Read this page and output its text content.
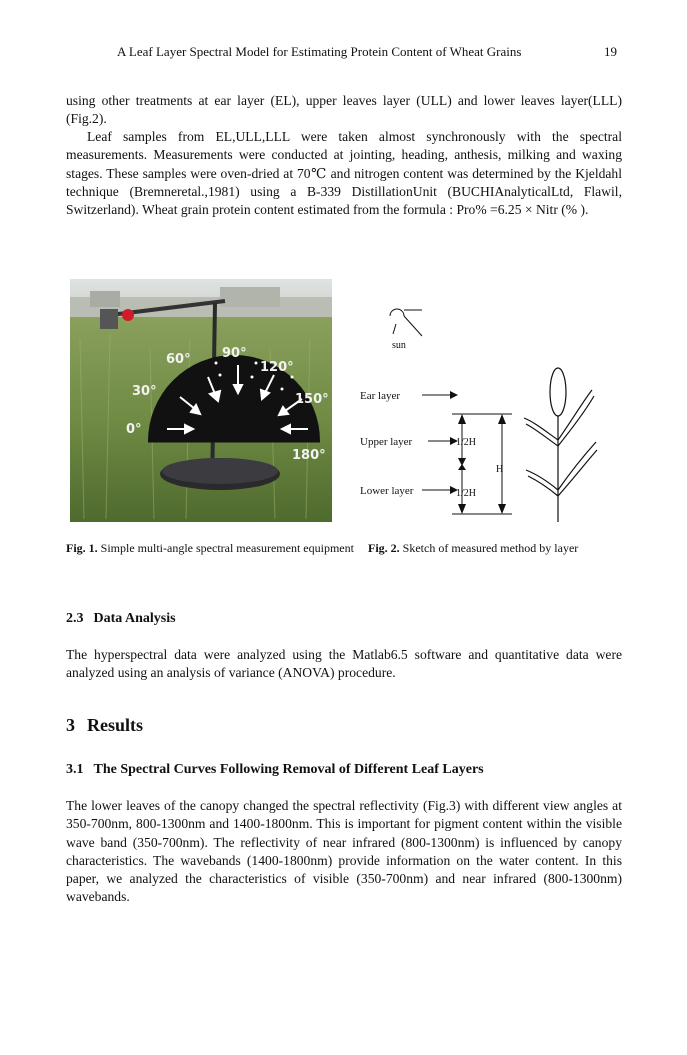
A Leaf Layer Spectral Model for Estimating Protein Content of Wheat Grains	19

using other treatments at ear layer (EL), upper leaves layer (ULL) and lower leaves layer(LLL)(Fig.2).

Leaf samples from EL,ULL,LLL were taken almost synchronously with the spectral measurements. Measurements were conducted at jointing, heading, anthesis, milking and waxing stages. These samples were oven-dried at 70℃ and nitrogen content was determined by the Kjeldahl technique (Bremneretal.,1981) using a B-339 DistillationUnit (BUCHIAnalyticalLtd, Flawil, Switzerland). Wheat grain protein content estimated from the formula : Pro% =6.25 × Nitr (% ).

0°
30°
60° 90°
120°
150°
180°
sun
Ear layer
Upper layer
Lower layer
1/2H
H
1/2H
Fig. 1. Simple multi-angle spectral measurement equipment Fig. 2. Sketch of measured method by layer
2.3 Data Analysis

The hyperspectral data were analyzed using the Matlab6.5 software and quantitative data were analyzed using an analysis of variance (ANOVA) procedure.

3 Results
3.1 The Spectral Curves Following Removal of Different Leaf Layers

The lower leaves of the canopy changed the spectral reflectivity (Fig.3) with different view angles at 350-700nm, 800-1300nm and 1400-1800nm. This is important for pigment content within the visible wave band (350-700nm). The reflectivity of near infrared (800-1300nm) is influenced by canopy characteristics. The wavebands (1400-1800nm) provide information on the water content. In this paper, we analyzed the characteristics of visible (350-700nm) and near infrared (800-1300nm) wavebands.
